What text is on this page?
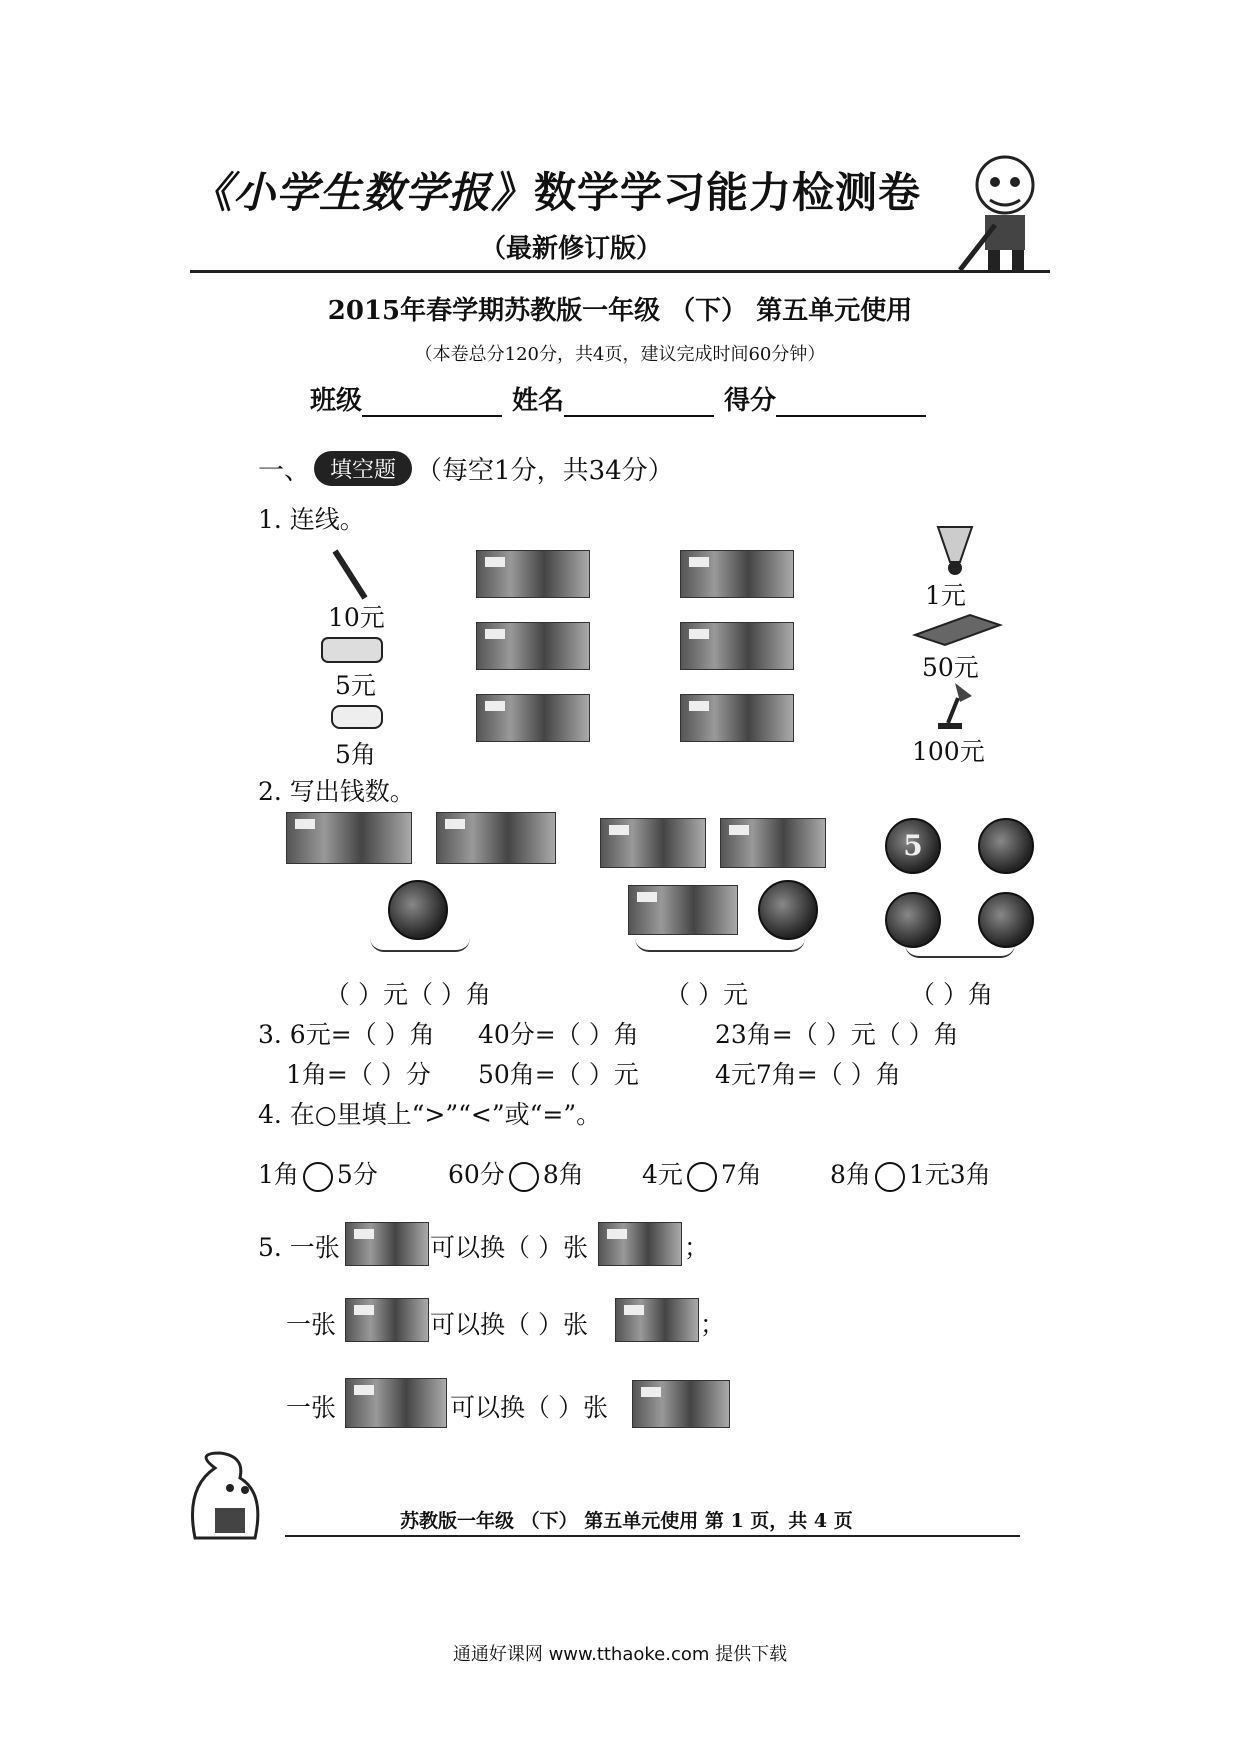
《小学生数学报》数学学习能力检测卷
（最新修订版）
2015年春学期苏教版一年级 （下） 第五单元使用
（本卷总分120分，共4页，建议完成时间60分钟）
班级	姓名	得分
一、 填空题 （每空1分，共34分）
1. 连线。
10元
5元
5角
1元
50元
100元
2. 写出钱数。
5
（ ）元（ ）角	（ ）元	（ ）角
3. 6元=（ ）角 40分=（ ）角	23角=（ ）元（ ）角
1角=（ ）分 50角=（ ）元	4元7角=（ ）角
4. 在○里填上“>”“<”或“=”。
1角 5分	60分 8角 4元 7角	8角 1元3角
5. 一张	可以换（ ）张	；
一张	可以换（ ）张	；
一张	可以换（ ）张
苏教版一年级 （下） 第五单元使用 第 1 页，共 4 页
通通好课网 www.tthaoke.com 提供下载
